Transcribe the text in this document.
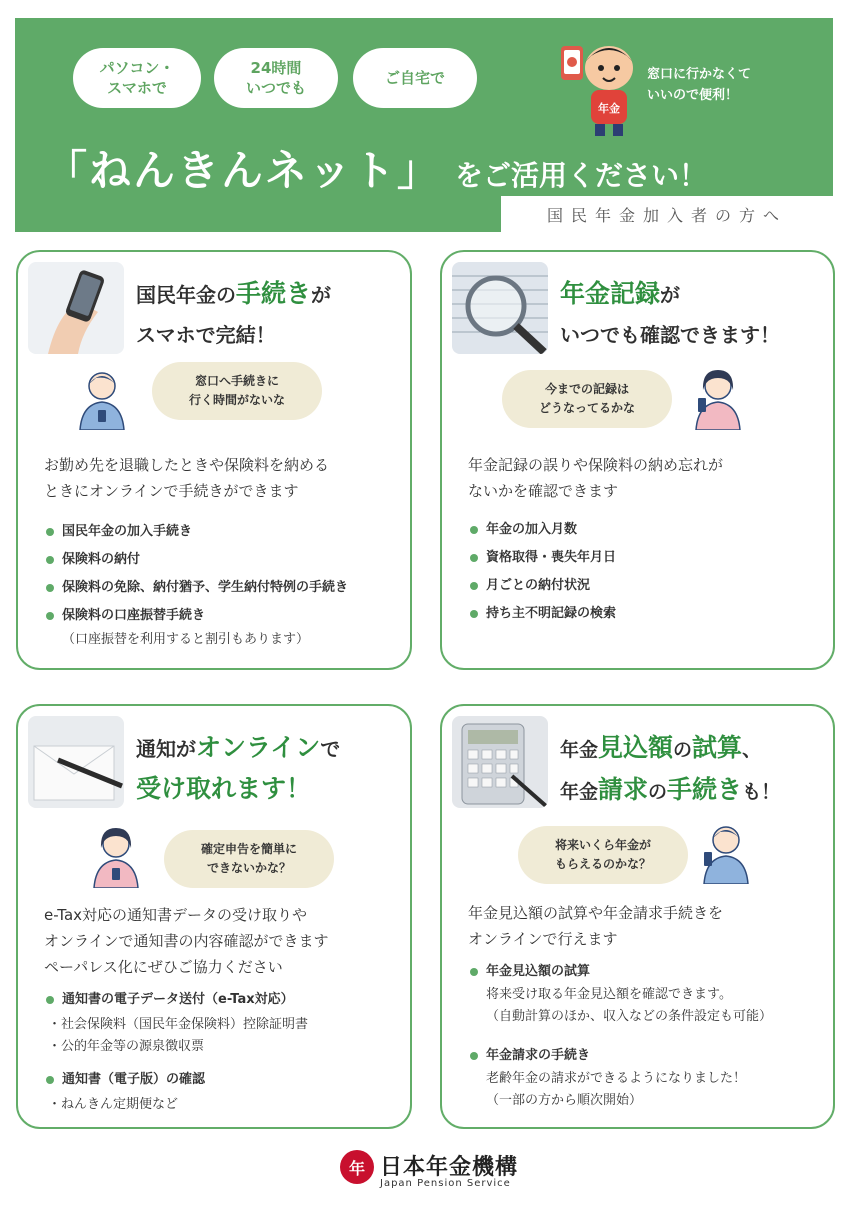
パソコン・
スマホで
24時間
いつでも
ご自宅で
年金
窓口に行かなくて
いいので便利！
「ねんきんネット」 をご活用ください！
国民年金加入者の方へ
国民年金の手続きが
スマホで完結！
窓口へ手続きに
行く時間がないな
お勤め先を退職したときや保険料を納める
ときにオンラインで手続きができます
国民年金の加入手続き
保険料の納付
保険料の免除、納付猶予、学生納付特例の手続き
保険料の口座振替手続き
（口座振替を利用すると割引もあります）
年金記録が
いつでも確認できます！
今までの記録は
どうなってるかな
年金記録の誤りや保険料の納め忘れが
ないかを確認できます
年金の加入月数
資格取得・喪失年月日
月ごとの納付状況
持ち主不明記録の検索
通知がオンラインで
受け取れます！
確定申告を簡単に
できないかな？
e-Tax対応の通知書データの受け取りや
オンラインで通知書の内容確認ができます
ペーパレス化にぜひご協力ください
通知書の電子データ送付（e-Tax対応）
・社会保険料（国民年金保険料）控除証明書
・公的年金等の源泉徴収票
通知書（電子版）の確認
・ねんきん定期便など
年金見込額の試算、
年金請求の手続きも！
将来いくら年金が
もらえるのかな？
年金見込額の試算や年金請求手続きを
オンラインで行えます
年金見込額の試算
将来受け取る年金見込額を確認できます。
（自動計算のほか、収入などの条件設定も可能）
年金請求の手続き
老齢年金の請求ができるようになりました！
（一部の方から順次開始）
年 日本年金機構
Japan Pension Service
